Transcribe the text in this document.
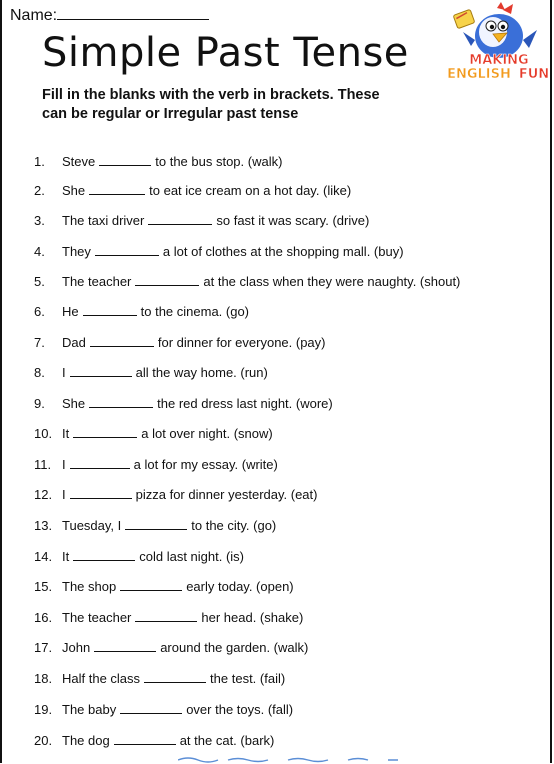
Name:
Simple Past Tense	MAKING
ENGLISH FUN
Fill in the blanks with the verb in brackets. These can be regular or Irregular past tense
1. Steve	to the bus stop. (walk)
2. She	to eat ice cream on a hot day. (like)
3. The taxi driver	so fast it was scary. (drive)
4. They	a lot of clothes at the shopping mall. (buy)
5. The teacher	at the class when they were naughty. (shout)
6. He	to the cinema. (go)
7. Dad	for dinner for everyone. (pay)
8. I	all the way home. (run)
9. She	the red dress last night. (wore)
10. It	a lot over night. (snow)
11. I	a lot for my essay. (write)
12. I	pizza for dinner yesterday. (eat)
13. Tuesday, I	to the city. (go)
14. It	cold last night. (is)
15. The shop	early today. (open)
16. The teacher	her head. (shake)
17. John	around the garden. (walk)
18. Half the class	the test. (fail)
19. The baby	over the toys. (fall)
20. The dog	at the cat. (bark)
